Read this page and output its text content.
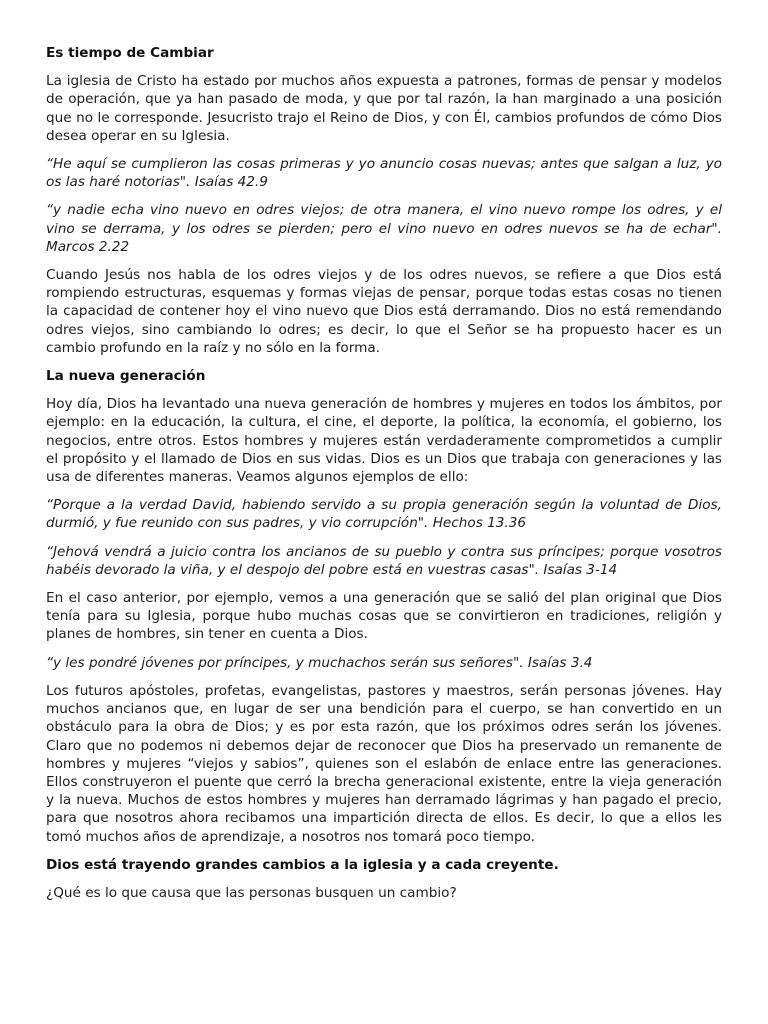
Es tiempo de Cambiar

La iglesia de Cristo ha estado por muchos años expuesta a patrones, formas de pensar y modelos de operación, que ya han pasado de moda, y que por tal razón, la han marginado a una posición que no le corresponde. Jesucristo trajo el Reino de Dios, y con Él, cambios profundos de cómo Dios desea operar en su Iglesia.

“He aquí se cumplieron las cosas primeras y yo anuncio cosas nuevas; antes que salgan a luz, yo os las haré notorias". Isaías 42.9

“y nadie echa vino nuevo en odres viejos; de otra manera, el vino nuevo rompe los odres, y el vino se derrama, y los odres se pierden; pero el vino nuevo en odres nuevos se ha de echar". Marcos 2.22

Cuando Jesús nos habla de los odres viejos y de los odres nuevos, se refiere a que Dios está rompiendo estructuras, esquemas y formas viejas de pensar, porque todas estas cosas no tienen la capacidad de contener hoy el vino nuevo que Dios está derramando. Dios no está remendando odres viejos, sino cambiando lo odres; es decir, lo que el Señor se ha propuesto hacer es un cambio profundo en la raíz y no sólo en la forma.

La nueva generación

Hoy día, Dios ha levantado una nueva generación de hombres y mujeres en todos los ámbitos, por ejemplo: en la educación, la cultura, el cine, el deporte, la política, la economía, el gobierno, los negocios, entre otros. Estos hombres y mujeres están verdaderamente comprometidos a cumplir el propósito y el llamado de Dios en sus vidas. Dios es un Dios que trabaja con generaciones y las usa de diferentes maneras. Veamos algunos ejemplos de ello:

“Porque a la verdad David, habiendo servido a su propia generación según la voluntad de Dios, durmió, y fue reunido con sus padres, y vio corrupción". Hechos 13.36

“Jehová vendrá a juicio contra los ancianos de su pueblo y contra sus príncipes; porque vosotros habéis devorado la viña, y el despojo del pobre está en vuestras casas". Isaías 3-14

En el caso anterior, por ejemplo, vemos a una generación que se salió del plan original que Dios tenía para su Iglesia, porque hubo muchas cosas que se convirtieron en tradiciones, religión y planes de hombres, sin tener en cuenta a Dios.

“y les pondré jóvenes por príncipes, y muchachos serán sus señores". Isaías 3.4

Los futuros apóstoles, profetas, evangelistas, pastores y maestros, serán personas jóvenes. Hay muchos ancianos que, en lugar de ser una bendición para el cuerpo, se han convertido en un obstáculo para la obra de Dios; y es por esta razón, que los próximos odres serán los jóvenes. Claro que no podemos ni debemos dejar de reconocer que Dios ha preservado un remanente de hombres y mujeres “viejos y sabios”, quienes son el eslabón de enlace entre las generaciones. Ellos construyeron el puente que cerró la brecha generacional existente, entre la vieja generación y la nueva. Muchos de estos hombres y mujeres han derramado lágrimas y han pagado el precio, para que nosotros ahora recibamos una impartición directa de ellos. Es decir, lo que a ellos les tomó muchos años de aprendizaje, a nosotros nos tomará poco tiempo.

Dios está trayendo grandes cambios a la iglesia y a cada creyente.

¿Qué es lo que causa que las personas busquen un cambio?
